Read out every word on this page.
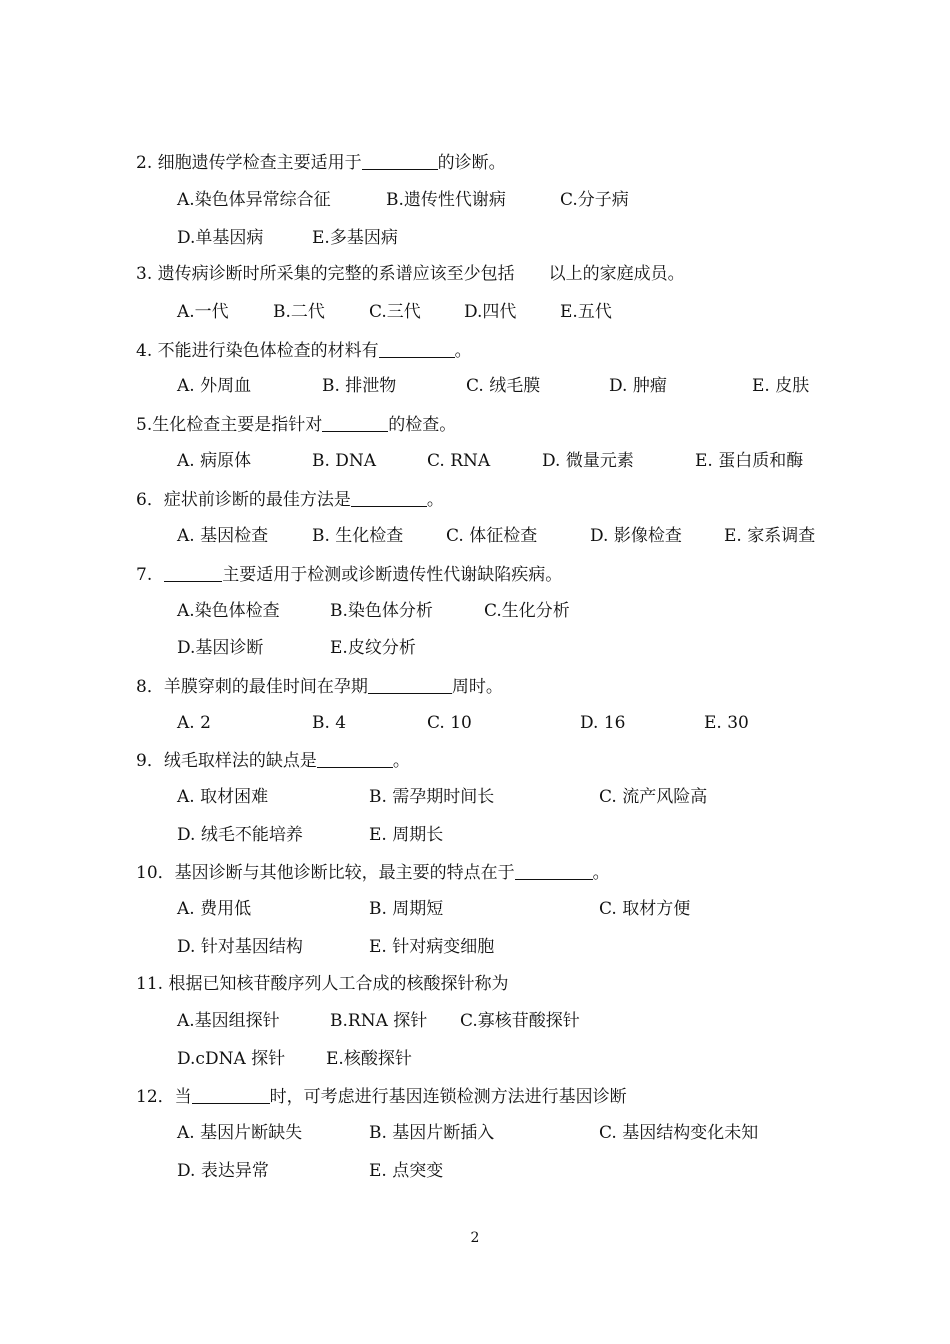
2. 细胞遗传学检查主要适用于	的诊断。
A.染色体异常综合征	B.遗传性代谢病	C.分子病
D.单基因病	E.多基因病
3. 遗传病诊断时所采集的完整的系谱应该至少包括　　以上的家庭成员。
A.一代	B.二代	C.三代	D.四代	E.五代
4. 不能进行染色体检查的材料有	。
A. 外周血	B. 排泄物	C. 绒毛膜	D. 肿瘤	E. 皮肤
5.生化检查主要是指针对	的检查。
A. 病原体	B. DNA	C. RNA	D. 微量元素	E. 蛋白质和酶
6．症状前诊断的最佳方法是	。
A. 基因检查	B. 生化检查	C. 体征检查	D. 影像检查 E. 家系调查
7.	主要适用于检测或诊断遗传性代谢缺陷疾病。
A.染色体检查	B.染色体分析	C.生化分析
D.基因诊断	E.皮纹分析
8．羊膜穿刺的最佳时间在孕期	周时。
A. 2	B. 4	C. 10	D. 16	E. 30
9．绒毛取样法的缺点是	。
A. 取材困难	B. 需孕期时间长	C. 流产风险高
D. 绒毛不能培养	E. 周期长
10．基因诊断与其他诊断比较，最主要的特点在于	。
A. 费用低	B. 周期短	C. 取材方便
D. 针对基因结构	E. 针对病变细胞
11. 根据已知核苷酸序列人工合成的核酸探针称为
A.基因组探针	B.RNA 探针 C.寡核苷酸探针
D.cDNA 探针 E.核酸探针
12．当	时，可考虑进行基因连锁检测方法进行基因诊断
A. 基因片断缺失	B. 基因片断插入	C. 基因结构变化未知
D. 表达异常	E. 点突变
2
